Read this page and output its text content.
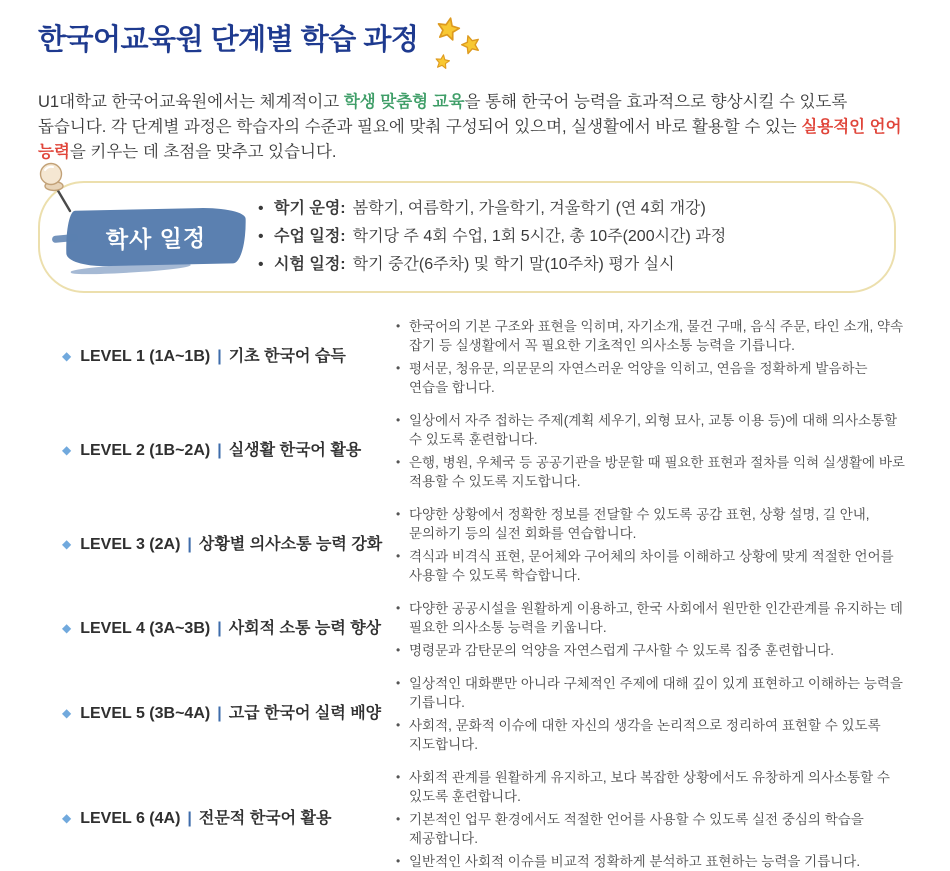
한국어교육원 단계별 학습 과정

U1대학교 한국어교육원에서는 체계적이고 학생 맞춤형 교육을 통해 한국어 능력을 효과적으로 향상시킬 수 있도록 돕습니다. 각 단계별 과정은 학습자의 수준과 필요에 맞춰 구성되어 있으며, 실생활에서 바로 활용할 수 있는 실용적인 언어 능력을 키우는 데 초점을 맞추고 있습니다.

학사 일정
• 학기 운영: 봄학기, 여름학기, 가을학기, 겨울학기 (연 4회 개강)
• 수업 일정: 학기당 주 4회 수업, 1회 5시간, 총 10주(200시간) 과정
• 시험 일정: 학기 중간(6주차) 및 학기 말(10주차) 평가 실시
◆ LEVEL 1 (1A~1B) | 기초 한국어 습득
• 한국어의 기본 구조와 표현을 익히며, 자기소개, 물건 구매, 음식 주문, 타인 소개, 약속 잡기 등 실생활에서 꼭 필요한 기초적인 의사소통 능력을 기릅니다.
• 평서문, 청유문, 의문문의 자연스러운 억양을 익히고, 연음을 정확하게 발음하는 연습을 합니다.
◆ LEVEL 2 (1B~2A) | 실생활 한국어 활용
• 일상에서 자주 접하는 주제(계획 세우기, 외형 묘사, 교통 이용 등)에 대해 의사소통할 수 있도록 훈련합니다.
• 은행, 병원, 우체국 등 공공기관을 방문할 때 필요한 표현과 절차를 익혀 실생활에 바로 적용할 수 있도록 지도합니다.
◆ LEVEL 3 (2A) | 상황별 의사소통 능력 강화
• 다양한 상황에서 정확한 정보를 전달할 수 있도록 공감 표현, 상황 설명, 길 안내, 문의하기 등의 실전 회화를 연습합니다.
• 격식과 비격식 표현, 문어체와 구어체의 차이를 이해하고 상황에 맞게 적절한 언어를 사용할 수 있도록 학습합니다.
◆ LEVEL 4 (3A~3B) | 사회적 소통 능력 향상
• 다양한 공공시설을 원활하게 이용하고, 한국 사회에서 원만한 인간관계를 유지하는 데 필요한 의사소통 능력을 키웁니다.
• 명령문과 감탄문의 억양을 자연스럽게 구사할 수 있도록 집중 훈련합니다.
◆ LEVEL 5 (3B~4A) | 고급 한국어 실력 배양
• 일상적인 대화뿐만 아니라 구체적인 주제에 대해 깊이 있게 표현하고 이해하는 능력을 기릅니다.
• 사회적, 문화적 이슈에 대한 자신의 생각을 논리적으로 정리하여 표현할 수 있도록 지도합니다.
◆ LEVEL 6 (4A) | 전문적 한국어 활용
• 사회적 관계를 원활하게 유지하고, 보다 복잡한 상황에서도 유창하게 의사소통할 수 있도록 훈련합니다.
• 기본적인 업무 환경에서도 적절한 언어를 사용할 수 있도록 실전 중심의 학습을 제공합니다.
• 일반적인 사회적 이슈를 비교적 정확하게 분석하고 표현하는 능력을 기릅니다.
